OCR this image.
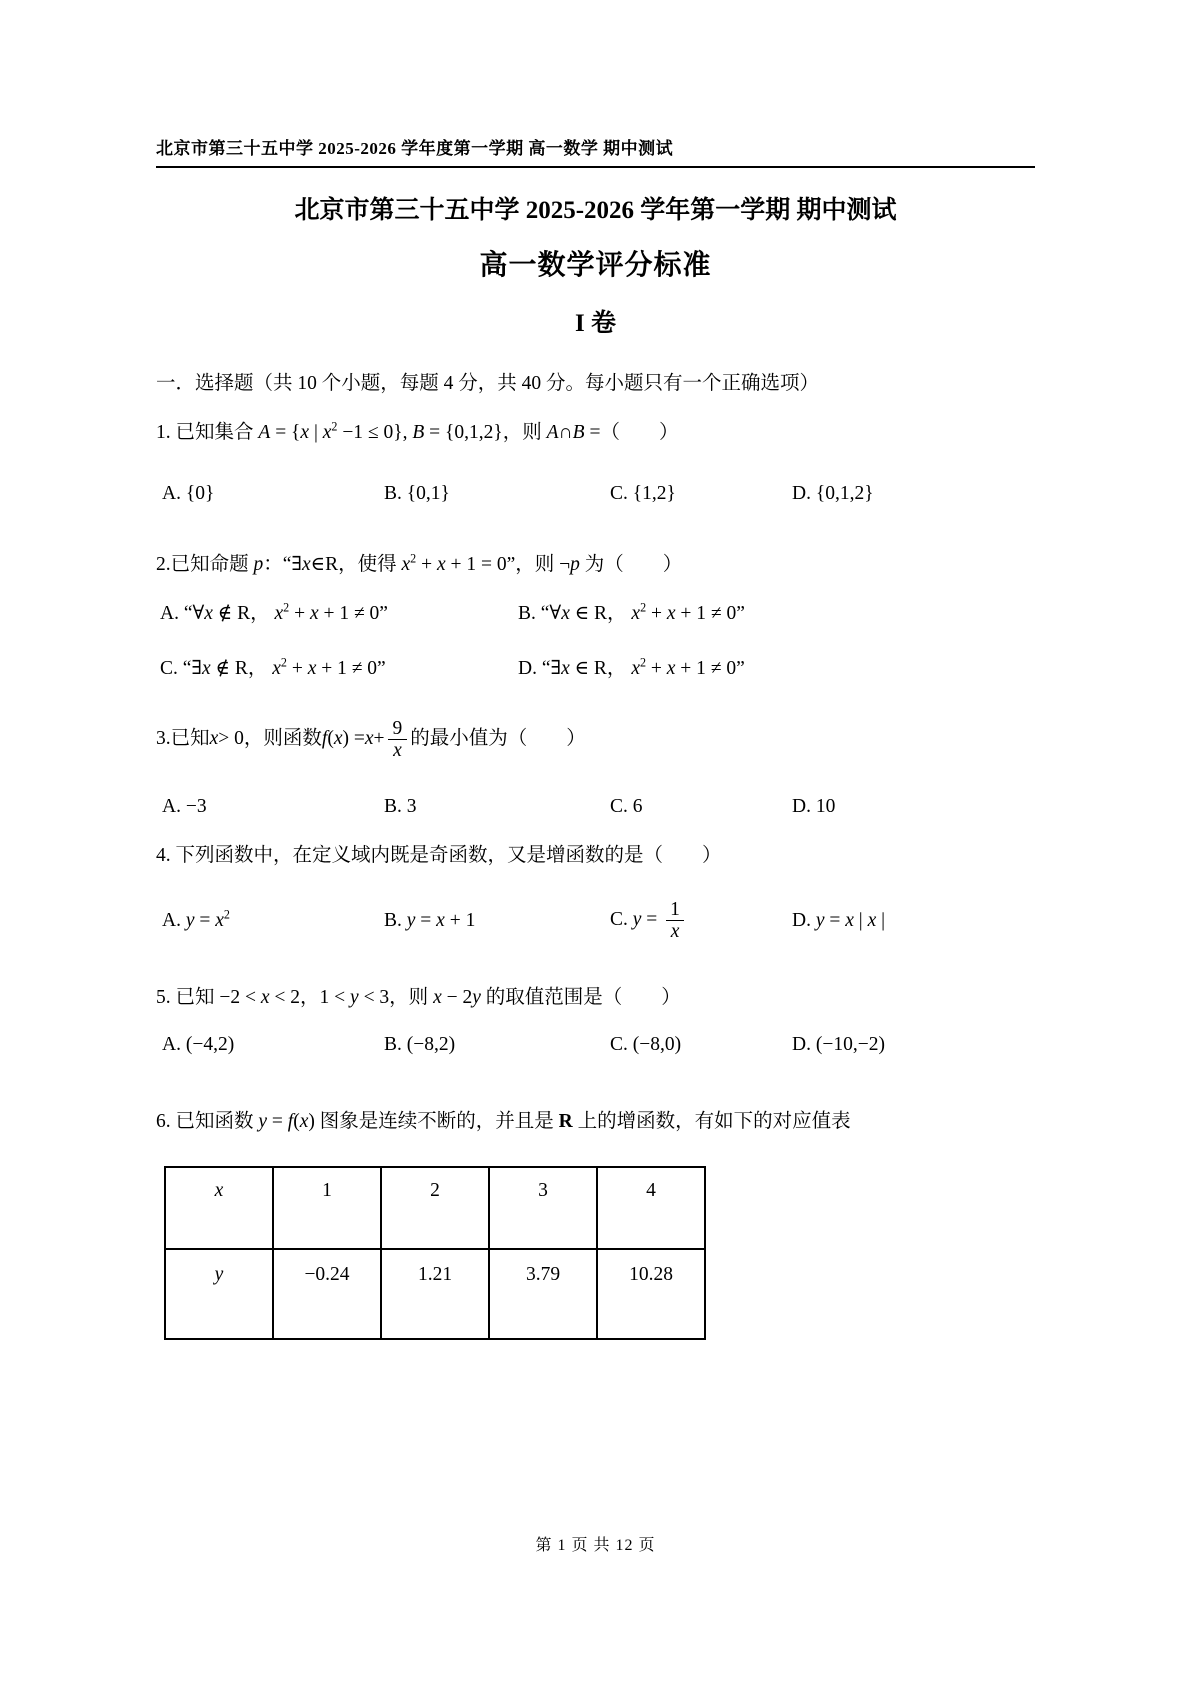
北京市第三十五中学 2025-2026 学年度第一学期 高一数学 期中测试
北京市第三十五中学 2025-2026 学年第一学期 期中测试
高一数学评分标准
I 卷
一．选择题（共 10 个小题，每题 4 分，共 40 分。每小题只有一个正确选项）
1. 已知集合 A = {x | $x^2 -1 \le 0$}, B = {0,1,2}，则 A∩B =（　　）
A. {0}	B. {0,1}	C. {1,2}	D. {0,1,2}
2.已知命题 p：“∃x∈R，使得 $x^2 + x + 1 = 0$”，则 ¬p 为（　　）
A. “∀x ∉ R， $x^2 + x + 1 \ne 0$”	B. “∀x ∈ R， $x^2 + x + 1 \ne 0$”
C. “∃x ∉ R， $x^2 + x + 1 \ne 0$”	D. “∃x ∈ R， $x^2 + x + 1 \ne 0$”
3.已知 x > 0，则函数 f ( x ) = $x + \frac{9}{x}$ 的最小值为（　　）
A. −3	B. 3	C. 6	D. 10
4. 下列函数中，在定义域内既是奇函数，又是增函数的是（　　）
A. $y = x^2$	B. y = x + 1	C. $y = \frac{1}{x}$	D. y = x | x |
5. 已知 −2 < x < 2，1 < y < 3，则 x − 2y 的取值范围是（　　）
A. (−4,2)	B. (−8,2)	C. (−8,0)	D. (−10,−2)
6. 已知函数 y = f(x) 图象是连续不断的，并且是 R 上的增函数，有如下的对应值表
x	1	2	3	4
y	−0.24	1.21	3.79	10.28
第 1 页 共 12 页
